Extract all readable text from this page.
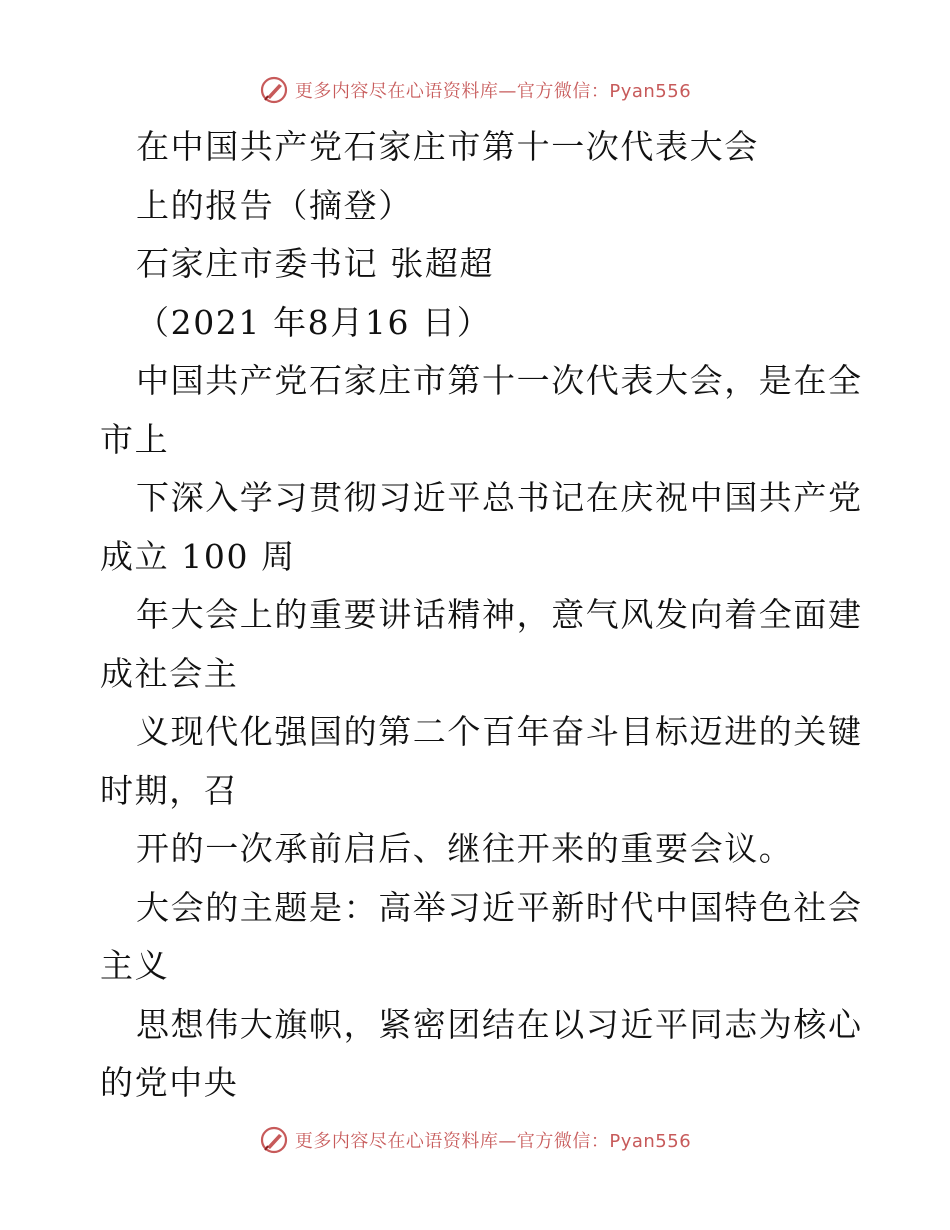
更多内容尽在心语资料库—官方微信：Pyan556
在中国共产党石家庄市第十一次代表大会
上的报告（摘登）
石家庄市委书记 张超超
（2021 年8月16 日）
中国共产党石家庄市第十一次代表大会，是在全
市上
下深入学习贯彻习近平总书记在庆祝中国共产党
成立 100 周
年大会上的重要讲话精神，意气风发向着全面建
成社会主
义现代化强国的第二个百年奋斗目标迈进的关键
时期，召
开的一次承前启后、继往开来的重要会议。
大会的主题是：高举习近平新时代中国特色社会
主义
思想伟大旗帜，紧密团结在以习近平同志为核心
的党中央
更多内容尽在心语资料库—官方微信：Pyan556
